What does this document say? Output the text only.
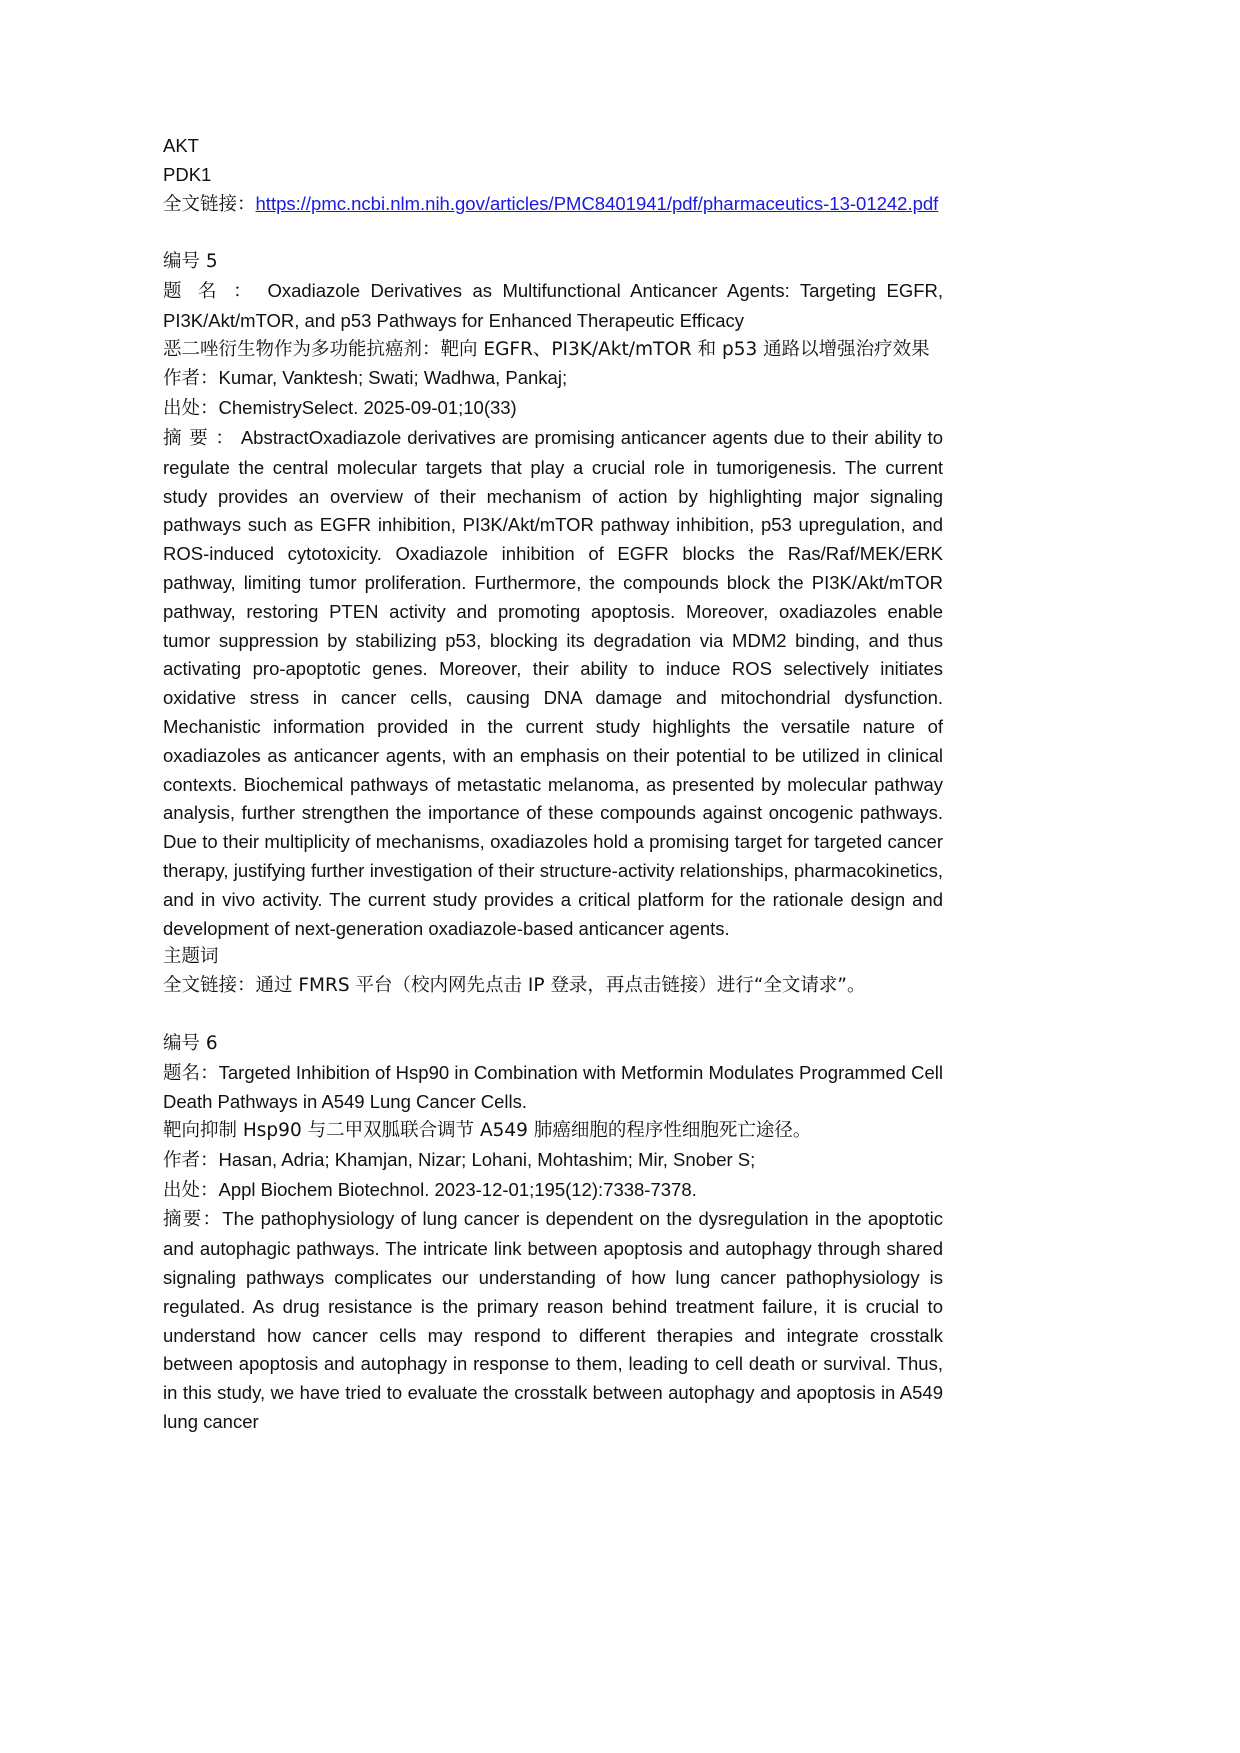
AKT
PDK1
全文链接：https://pmc.ncbi.nlm.nih.gov/articles/PMC8401941/pdf/pharmaceutics-13-01242.pdf
编号 5

题 名 ： Oxadiazole Derivatives as Multifunctional Anticancer Agents: Targeting EGFR, PI3K/Akt/mTOR, and p53 Pathways for Enhanced Therapeutic Efficacy

恶二唑衍生物作为多功能抗癌剂：靶向 EGFR、PI3K/Akt/mTOR 和 p53 通路以增强治疗效果

作者：Kumar, Vanktesh; Swati; Wadhwa, Pankaj;

出处：ChemistrySelect. 2025-09-01;10(33)

摘 要 ： AbstractOxadiazole derivatives are promising anticancer agents due to their ability to regulate the central molecular targets that play a crucial role in tumorigenesis. The current study provides an overview of their mechanism of action by highlighting major signaling pathways such as EGFR inhibition, PI3K/Akt/mTOR pathway inhibition, p53 upregulation, and ROS-induced cytotoxicity. Oxadiazole inhibition of EGFR blocks the Ras/Raf/MEK/ERK pathway, limiting tumor proliferation. Furthermore, the compounds block the PI3K/Akt/mTOR pathway, restoring PTEN activity and promoting apoptosis. Moreover, oxadiazoles enable tumor suppression by stabilizing p53, blocking its degradation via MDM2 binding, and thus activating pro-apoptotic genes. Moreover, their ability to induce ROS selectively initiates oxidative stress in cancer cells, causing DNA damage and mitochondrial dysfunction. Mechanistic information provided in the current study highlights the versatile nature of oxadiazoles as anticancer agents, with an emphasis on their potential to be utilized in clinical contexts. Biochemical pathways of metastatic melanoma, as presented by molecular pathway analysis, further strengthen the importance of these compounds against oncogenic pathways. Due to their multiplicity of mechanisms, oxadiazoles hold a promising target for targeted cancer therapy, justifying further investigation of their structure-activity relationships, pharmacokinetics, and in vivo activity. The current study provides a critical platform for the rationale design and development of next-generation oxadiazole-based anticancer agents.

主题词

全文链接：通过 FMRS 平台（校内网先点击 IP 登录，再点击链接）进行“全文请求”。

编号 6

题名：Targeted Inhibition of Hsp90 in Combination with Metformin Modulates Programmed Cell Death Pathways in A549 Lung Cancer Cells.

靶向抑制 Hsp90 与二甲双胍联合调节 A549 肺癌细胞的程序性细胞死亡途径。

作者：Hasan, Adria; Khamjan, Nizar; Lohani, Mohtashim; Mir, Snober S;

出处：Appl Biochem Biotechnol. 2023-12-01;195(12):7338-7378.

摘要：The pathophysiology of lung cancer is dependent on the dysregulation in the apoptotic and autophagic pathways. The intricate link between apoptosis and autophagy through shared signaling pathways complicates our understanding of how lung cancer pathophysiology is regulated. As drug resistance is the primary reason behind treatment failure, it is crucial to understand how cancer cells may respond to different therapies and integrate crosstalk between apoptosis and autophagy in response to them, leading to cell death or survival. Thus, in this study, we have tried to evaluate the crosstalk between autophagy and apoptosis in A549 lung cancer
